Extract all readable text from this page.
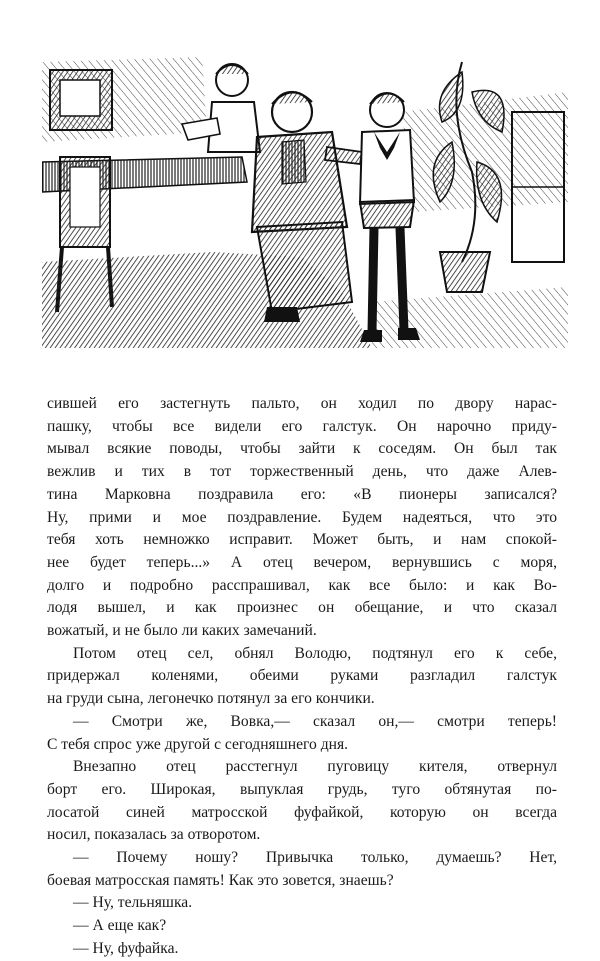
сившей его застегнуть пальто, он ходил по двору нарас-

пашку, чтобы все видели его галстук. Он нарочно приду-

мывал всякие поводы, чтобы зайти к соседям. Он был так

вежлив и тих в тот торжественный день, что даже Алев-

тина Марковна поздравила его: «В пионеры записался?

Ну, прими и мое поздравление. Будем надеяться, что это

тебя хоть немножко исправит. Может быть, и нам спокой-

нее будет теперь...» А отец вечером, вернувшись с моря,

долго и подробно расспрашивал, как все было: и как Во-

лодя вышел, и как произнес он обещание, и что сказал

вожатый, и не было ли каких замечаний.

Потом отец сел, обнял Володю, подтянул его к себе,

придержал коленями, обеими руками разгладил галстук

на груди сына, легонечко потянул за его кончики.

— Смотри же, Вовка,— сказал он,— смотри теперь!

С тебя спрос уже другой с сегодняшнего дня.

Внезапно отец расстегнул пуговицу кителя, отвернул

борт его. Широкая, выпуклая грудь, туго обтянутая по-

лосатой синей матросской фуфайкой, которую он всегда

носил, показалась за отворотом.

— Почему ношу? Привычка только, думаешь? Нет,

боевая матросская память! Как это зовется, знаешь?

— Ну, тельняшка.

— А еще как?

— Ну, фуфайка.
